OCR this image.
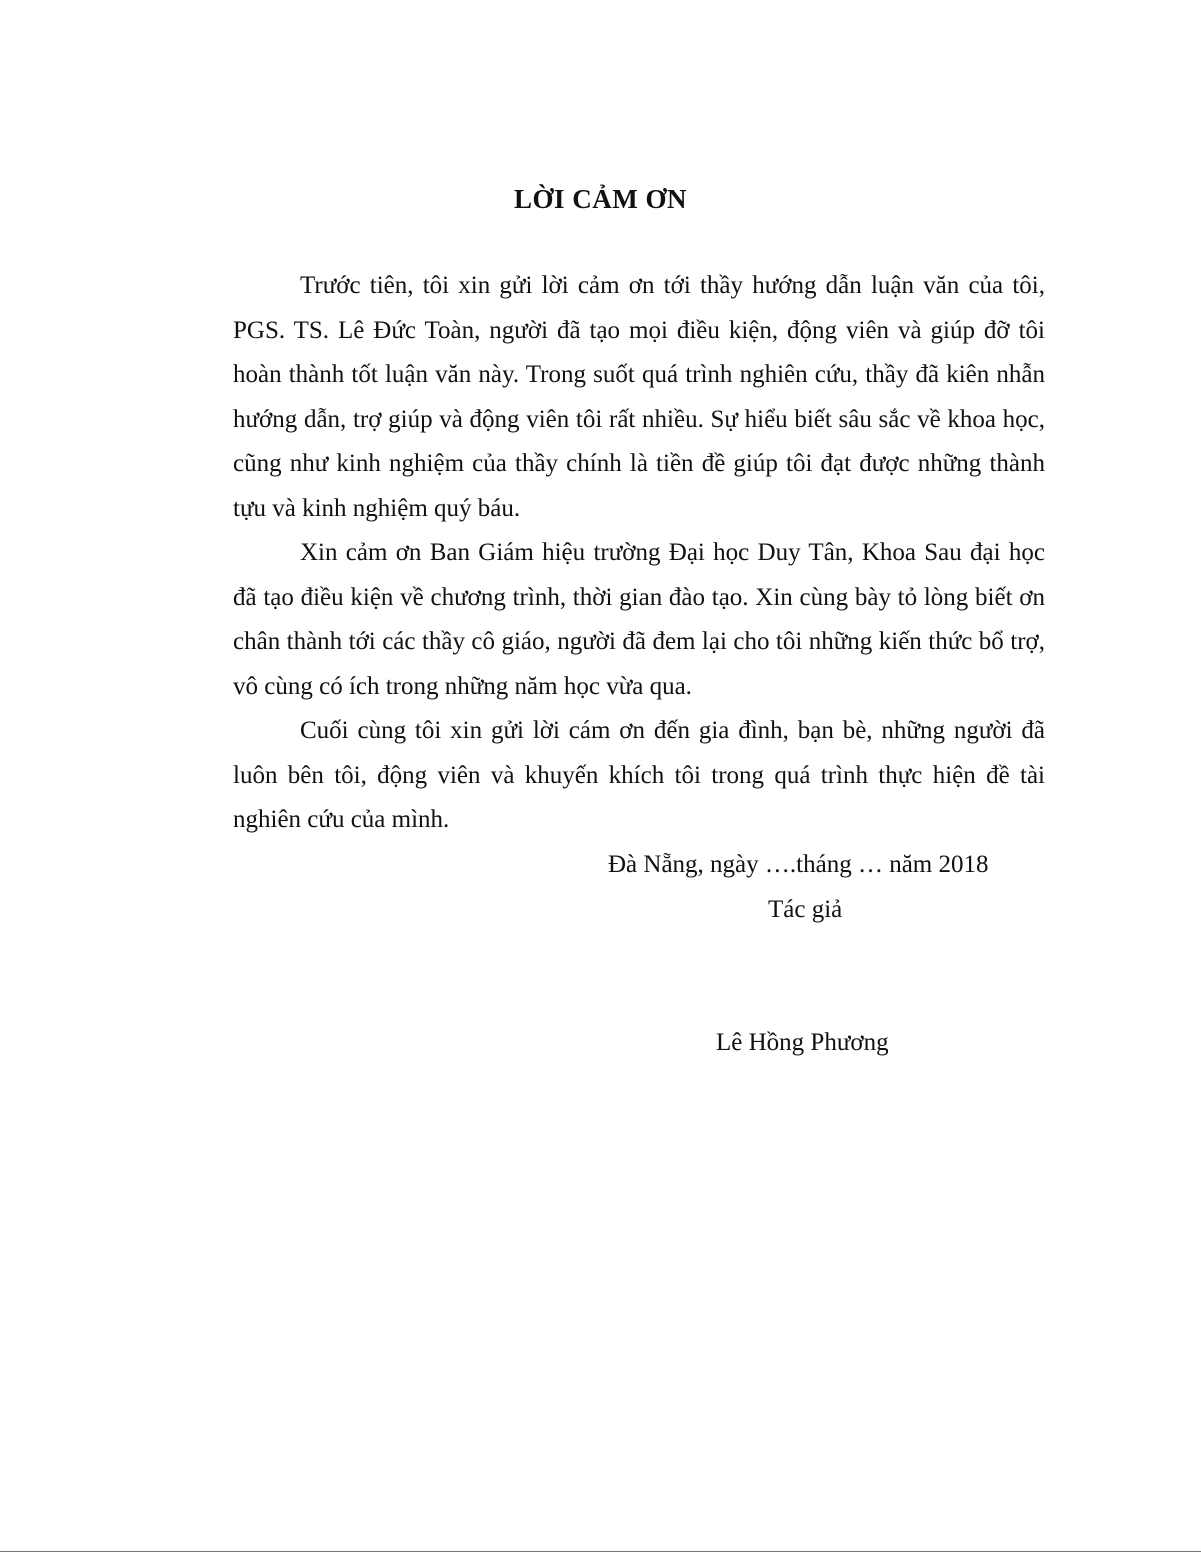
LỜI CẢM ƠN

Trước tiên, tôi xin gửi lời cảm ơn tới thầy hướng dẫn luận văn của tôi, PGS. TS. Lê Đức Toàn, người đã tạo mọi điều kiện, động viên và giúp đỡ tôi hoàn thành tốt luận văn này. Trong suốt quá trình nghiên cứu, thầy đã kiên nhẫn hướng dẫn, trợ giúp và động viên tôi rất nhiều. Sự hiểu biết sâu sắc về khoa học, cũng như kinh nghiệm của thầy chính là tiền đề giúp tôi đạt được những thành tựu và kinh nghiệm quý báu.

Xin cảm ơn Ban Giám hiệu trường Đại học Duy Tân, Khoa Sau đại học đã tạo điều kiện về chương trình, thời gian đào tạo. Xin cùng bày tỏ lòng biết ơn chân thành tới các thầy cô giáo, người đã đem lại cho tôi những kiến thức bổ trợ, vô cùng có ích trong những năm học vừa qua.

Cuối cùng tôi xin gửi lời cám ơn đến gia đình, bạn bè, những người đã luôn bên tôi, động viên và khuyến khích tôi trong quá trình thực hiện đề tài nghiên cứu của mình.

Đà Nẵng, ngày ….tháng … năm 2018

Tác giả

Lê Hồng Phương
